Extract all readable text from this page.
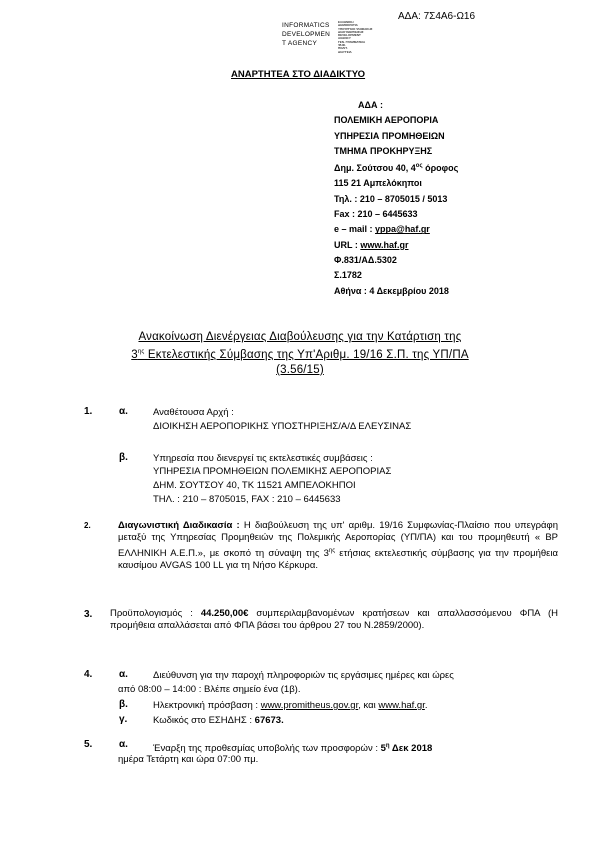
ΑΔΑ: 7Σ4Α6-Ω16
INFORMATICS
DEVELOPMEN
T AGENCY
ΕΛΛΗΝΙΚΗ ΔΗΜΟΚΡΑΤΙΑ
ΥΠΟΥΡΓΕΙΟ ΨΗΦΙΑΚΗΣ
ΔΙΑΚΥΒΕΡΝΗΣΗΣ
DEVELOPMENT AGENCY
ΓΕΝ. ΓΡΑΜΜΑΤΕΙΑ
ΨΗΦ.
ΠΟΛΙΤ.
ΔΙΑΥΓΕΙΑ
ΑΝΑΡΤΗΤΕΑ ΣΤΟ ΔΙΑΔΙΚΤΥΟ
ΑΔΑ :
ΠΟΛΕΜΙΚΗ ΑΕΡΟΠΟΡΙΑ
ΥΠΗΡΕΣΙΑ ΠΡΟΜΗΘΕΙΩΝ
ΤΜΗΜΑ ΠΡΟΚΗΡΥΞΗΣ
Δημ. Σούτσου 40, $4^{o\varsigma}$ όροφος
115 21 Αμπελόκηποι
Τηλ. : 210 – 8705015 / 5013
Fax : 210 – 6445633
e – mail : yppa@haf.gr
URL : www.haf.gr
Φ.831/ΑΔ.5302
Σ.1782
Αθήνα : 4 Δεκεμβρίου 2018
Ανακοίνωση Διενέργειας Διαβούλευσης για την Κατάρτιση της
$3^{\eta\varsigma}$ Εκτελεστικής Σύμβασης της Υπ'Αριθμ. 19/16 Σ.Π. της ΥΠ/ΠΑ
(3.56/15)
1.	α.	Αναθέτουσα Αρχή :
ΔΙΟΙΚΗΣΗ ΑΕΡΟΠΟΡΙΚΗΣ ΥΠΟΣΤΗΡΙΞΗΣ/Α/Δ ΕΛΕΥΣΙΝΑΣ
β.	Υπηρεσία που διενεργεί τις εκτελεστικές συμβάσεις :
ΥΠΗΡΕΣΙΑ ΠΡΟΜΗΘΕΙΩΝ ΠΟΛΕΜΙΚΗΣ ΑΕΡΟΠΟΡΙΑΣ
ΔΗΜ. ΣΟΥΤΣΟΥ 40, ΤΚ 11521 ΑΜΠΕΛΟΚΗΠΟΙ
ΤΗΛ. : 210 – 8705015, FAX : 210 – 6445633
2.	Διαγωνιστική Διαδικασία : Η διαβούλευση της υπ' αριθμ. 19/16 Συμφωνίας-Πλαίσιο που υπεγράφη μεταξύ της Υπηρεσίας Προμηθειών της Πολεμικής Αεροπορίας (ΥΠ/ΠΑ) και του προμηθευτή « BP ΕΛΛΗΝΙΚΗ Α.Ε.Π.», με σκοπό τη σύναψη της $3^{\eta\varsigma}$ ετήσιας εκτελεστικής σύμβασης για την προμήθεια καυσίμου AVGAS 100 LL για τη Νήσο Κέρκυρα.
3. Προϋπολογισμός : 44.250,00€ συμπεριλαμβανομένων κρατήσεων και απαλλασσόμενου ΦΠΑ (Η προμήθεια απαλλάσεται από ΦΠΑ βάσει του άρθρου 27 του Ν.2859/2000).
4.	α.	Διεύθυνση για την παροχή πληροφοριών τις εργάσιμες ημέρες και ώρες
από 08:00 – 14:00 : Βλέπε σημείο ένα (1β).
β.	Ηλεκτρονική πρόσβαση : www.promitheus.gov.gr, και www.haf.gr.
γ.	Κωδικός στο ΕΣΗΔΗΣ : 67673.
5.	α.	Έναρξη της προθεσμίας υποβολής των προσφορών : $5^\eta$ Δεκ 2018
ημέρα Τετάρτη και ώρα 07:00 πμ.
